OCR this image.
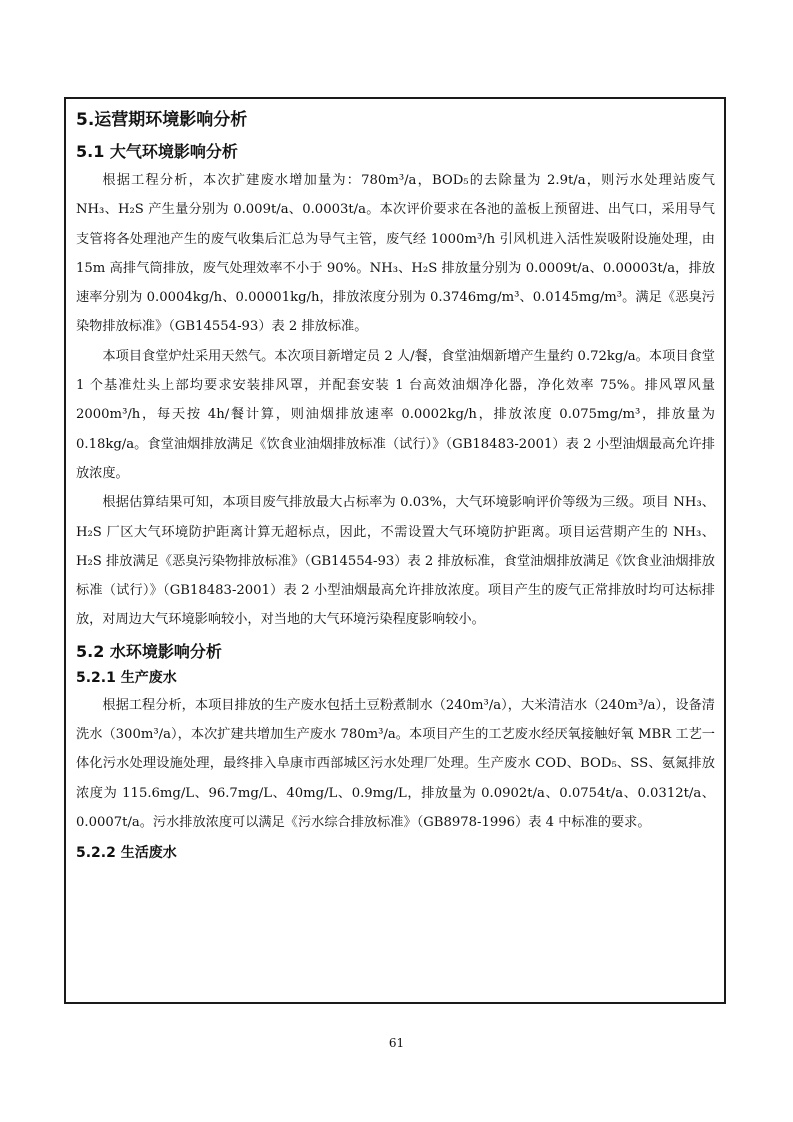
5.运营期环境影响分析
5.1 大气环境影响分析

根据工程分析，本次扩建废水增加量为：780m³/a，BOD₅的去除量为 2.9t/a，则污水处理站废气 NH₃、H₂S 产生量分别为 0.009t/a、0.0003t/a。本次评价要求在各池的盖板上预留进、出气口，采用导气支管将各处理池产生的废气收集后汇总为导气主管，废气经 1000m³/h 引风机进入活性炭吸附设施处理，由 15m 高排气筒排放，废气处理效率不小于 90%。NH₃、H₂S 排放量分别为 0.0009t/a、0.00003t/a，排放速率分别为 0.0004kg/h、0.00001kg/h，排放浓度分别为 0.3746mg/m³、0.0145mg/m³。满足《恶臭污染物排放标准》（GB14554-93）表 2 排放标准。

本项目食堂炉灶采用天然气。本次项目新增定员 2 人/餐，食堂油烟新增产生量约 0.72kg/a。本项目食堂 1 个基准灶头上部均要求安装排风罩，并配套安装 1 台高效油烟净化器，净化效率 75%。排风罩风量 2000m³/h，每天按 4h/餐计算，则油烟排放速率 0.0002kg/h，排放浓度 0.075mg/m³，排放量为 0.18kg/a。食堂油烟排放满足《饮食业油烟排放标准（试行）》（GB18483-2001）表 2 小型油烟最高允许排放浓度。

根据估算结果可知，本项目废气排放最大占标率为 0.03%，大气环境影响评价等级为三级。项目 NH₃、H₂S 厂区大气环境防护距离计算无超标点，因此，不需设置大气环境防护距离。项目运营期产生的 NH₃、H₂S 排放满足《恶臭污染物排放标准》（GB14554-93）表 2 排放标准，食堂油烟排放满足《饮食业油烟排放标准（试行）》（GB18483-2001）表 2 小型油烟最高允许排放浓度。项目产生的废气正常排放时均可达标排放，对周边大气环境影响较小，对当地的大气环境污染程度影响较小。

5.2 水环境影响分析
5.2.1 生产废水

根据工程分析，本项目排放的生产废水包括土豆粉煮制水（240m³/a），大米清洁水（240m³/a），设备清洗水（300m³/a），本次扩建共增加生产废水 780m³/a。本项目产生的工艺废水经厌氧接触好氧 MBR 工艺一体化污水处理设施处理，最终排入阜康市西部城区污水处理厂处理。生产废水 COD、BOD₅、SS、氨氮排放浓度为 115.6mg/L、96.7mg/L、40mg/L、0.9mg/L，排放量为 0.0902t/a、0.0754t/a、0.0312t/a、0.0007t/a。污水排放浓度可以满足《污水综合排放标准》（GB8978-1996）表 4 中标准的要求。

5.2.2 生活废水
61
